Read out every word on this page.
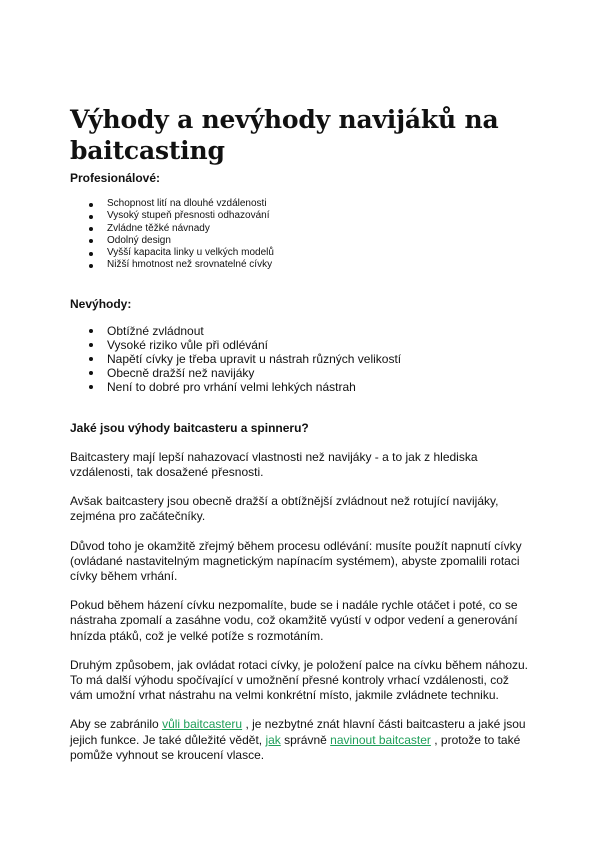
Výhody a nevýhody navijáků na baitcasting

Profesionálové:

Schopnost lití na dlouhé vzdálenosti
Vysoký stupeň přesnosti odhazování
Zvládne těžké návnady
Odolný design
Vyšší kapacita linky u velkých modelů
Nižší hmotnost než srovnatelné cívky

Nevýhody:

Obtížné zvládnout
Vysoké riziko vůle při odlévání
Napětí cívky je třeba upravit u nástrah různých velikostí
Obecně dražší než navijáky
Není to dobré pro vrhání velmi lehkých nástrah

Jaké jsou výhody baitcasteru a spinneru?

Baitcastery mají lepší nahazovací vlastnosti než navijáky - a to jak z hlediska vzdálenosti, tak dosažené přesnosti.

Avšak baitcastery jsou obecně dražší a obtížnější zvládnout než rotující navijáky, zejména pro začátečníky.

Důvod toho je okamžitě zřejmý během procesu odlévání: musíte použít napnutí cívky (ovládané nastavitelným magnetickým napínacím systémem), abyste zpomalili rotaci cívky během vrhání.

Pokud během házení cívku nezpomalíte, bude se i nadále rychle otáčet i poté, co se nástraha zpomalí a zasáhne vodu, což okamžitě vyústí v odpor vedení a generování hnízda ptáků, což je velké potíže s rozmotáním.

Druhým způsobem, jak ovládat rotaci cívky, je položení palce na cívku během náhozu. To má další výhodu spočívající v umožnění přesné kontroly vrhací vzdálenosti, což vám umožní vrhat nástrahu na velmi konkrétní místo, jakmile zvládnete techniku.

Aby se zabránilo vůli baitcasteru , je nezbytné znát hlavní části baitcasteru a jaké jsou jejich funkce. Je také důležité vědět, jak správně navinout baitcaster , protože to také pomůže vyhnout se kroucení vlasce.
